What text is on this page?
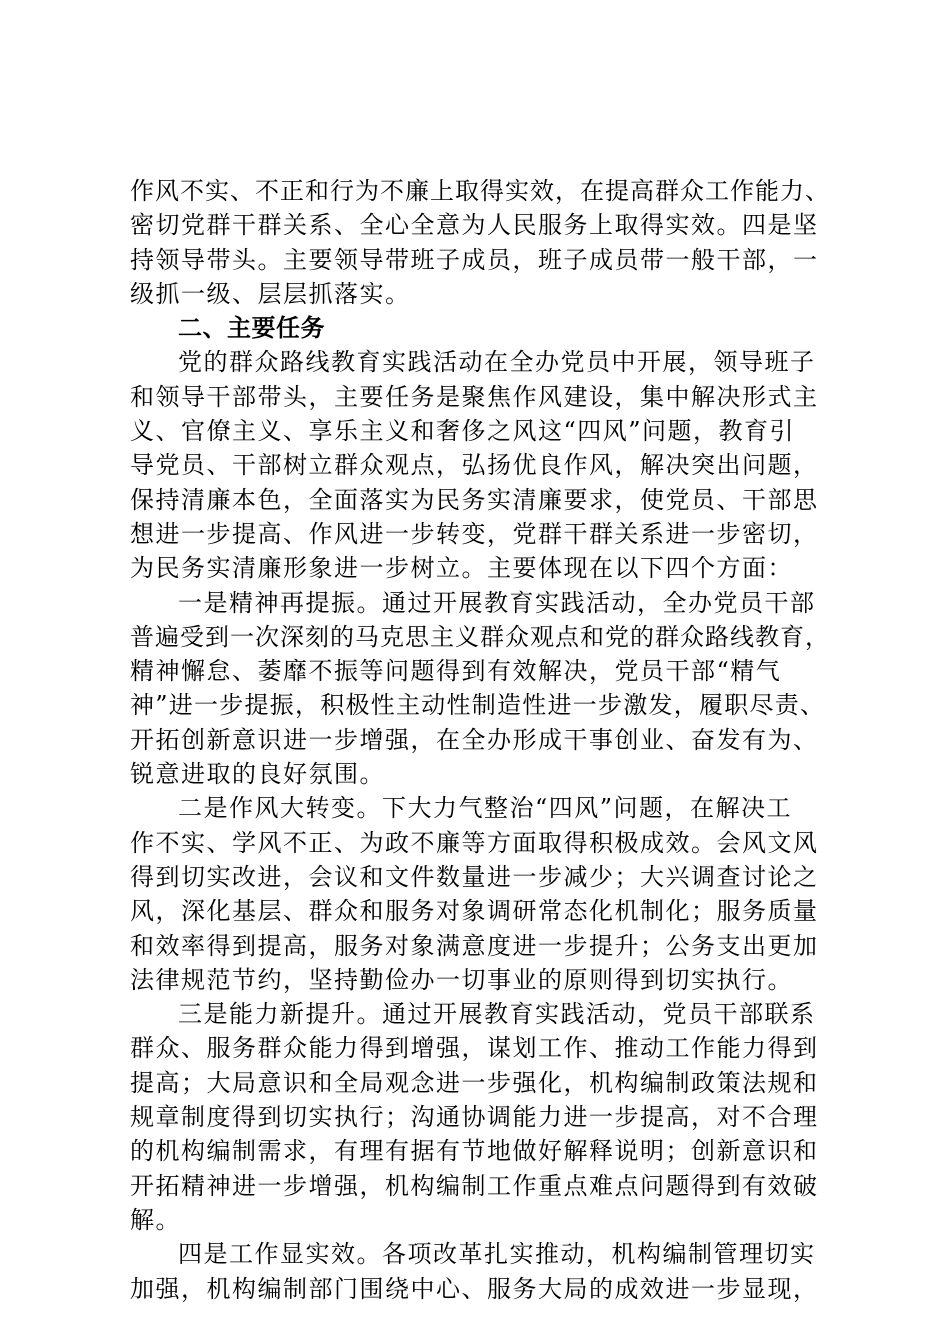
作风不实、不正和行为不廉上取得实效，在提高群众工作能力、
密切党群干群关系、全心全意为人民服务上取得实效。四是坚
持领导带头。主要领导带班子成员，班子成员带一般干部，一
级抓一级、层层抓落实。
二、主要任务
党的群众路线教育实践活动在全办党员中开展，领导班子
和领导干部带头，主要任务是聚焦作风建设，集中解决形式主
义、官僚主义、享乐主义和奢侈之风这“四风”问题，教育引
导党员、干部树立群众观点，弘扬优良作风，解决突出问题，
保持清廉本色，全面落实为民务实清廉要求，使党员、干部思
想进一步提高、作风进一步转变，党群干群关系进一步密切，
为民务实清廉形象进一步树立。主要体现在以下四个方面：
一是精神再提振。通过开展教育实践活动，全办党员干部
普遍受到一次深刻的马克思主义群众观点和党的群众路线教育，
精神懈怠、萎靡不振等问题得到有效解决，党员干部“精气
神”进一步提振，积极性主动性制造性进一步激发，履职尽责、
开拓创新意识进一步增强，在全办形成干事创业、奋发有为、
锐意进取的良好氛围。
二是作风大转变。下大力气整治“四风”问题，在解决工
作不实、学风不正、为政不廉等方面取得积极成效。会风文风
得到切实改进，会议和文件数量进一步减少；大兴调查讨论之
风，深化基层、群众和服务对象调研常态化机制化；服务质量
和效率得到提高，服务对象满意度进一步提升；公务支出更加
法律规范节约，坚持勤俭办一切事业的原则得到切实执行。
三是能力新提升。通过开展教育实践活动，党员干部联系
群众、服务群众能力得到增强，谋划工作、推动工作能力得到
提高；大局意识和全局观念进一步强化，机构编制政策法规和
规章制度得到切实执行；沟通协调能力进一步提高，对不合理
的机构编制需求，有理有据有节地做好解释说明；创新意识和
开拓精神进一步增强，机构编制工作重点难点问题得到有效破
解。
四是工作显实效。各项改革扎实推动，机构编制管理切实
加强，机构编制部门围绕中心、服务大局的成效进一步显现，
